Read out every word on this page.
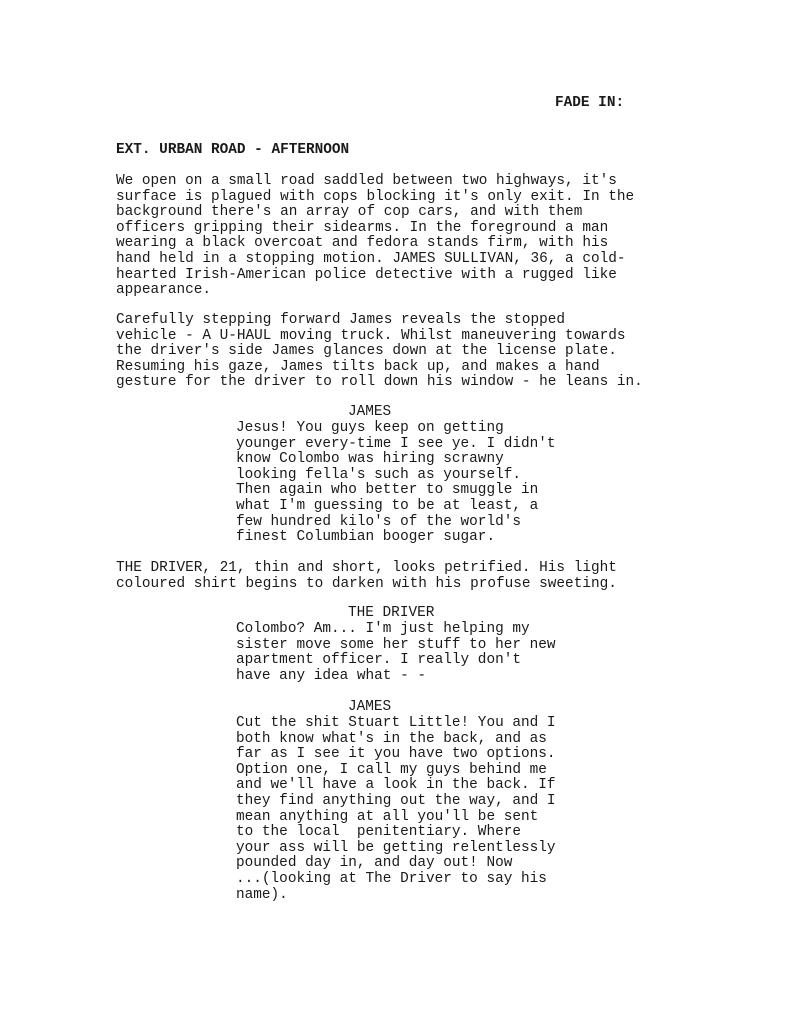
FADE IN:
EXT. URBAN ROAD - AFTERNOON
We open on a small road saddled between two highways, it's
surface is plagued with cops blocking it's only exit. In the
background there's an array of cop cars, and with them
officers gripping their sidearms. In the foreground a man
wearing a black overcoat and fedora stands firm, with his
hand held in a stopping motion. JAMES SULLIVAN, 36, a cold-
hearted Irish-American police detective with a rugged like
appearance.
Carefully stepping forward James reveals the stopped
vehicle - A U-HAUL moving truck. Whilst maneuvering towards
the driver's side James glances down at the license plate.
Resuming his gaze, James tilts back up, and makes a hand
gesture for the driver to roll down his window - he leans in.
JAMES
Jesus! You guys keep on getting
younger every-time I see ye. I didn't
know Colombo was hiring scrawny
looking fella's such as yourself.
Then again who better to smuggle in
what I'm guessing to be at least, a
few hundred kilo's of the world's
finest Columbian booger sugar.
THE DRIVER, 21, thin and short, looks petrified. His light
coloured shirt begins to darken with his profuse sweeting.
THE DRIVER
Colombo? Am... I'm just helping my
sister move some her stuff to her new
apartment officer. I really don't
have any idea what - -
JAMES
Cut the shit Stuart Little! You and I
both know what's in the back, and as
far as I see it you have two options.
Option one, I call my guys behind me
and we'll have a look in the back. If
they find anything out the way, and I
mean anything at all you'll be sent
to the local  penitentiary. Where
your ass will be getting relentlessly
pounded day in, and day out! Now
...(looking at The Driver to say his
name).
